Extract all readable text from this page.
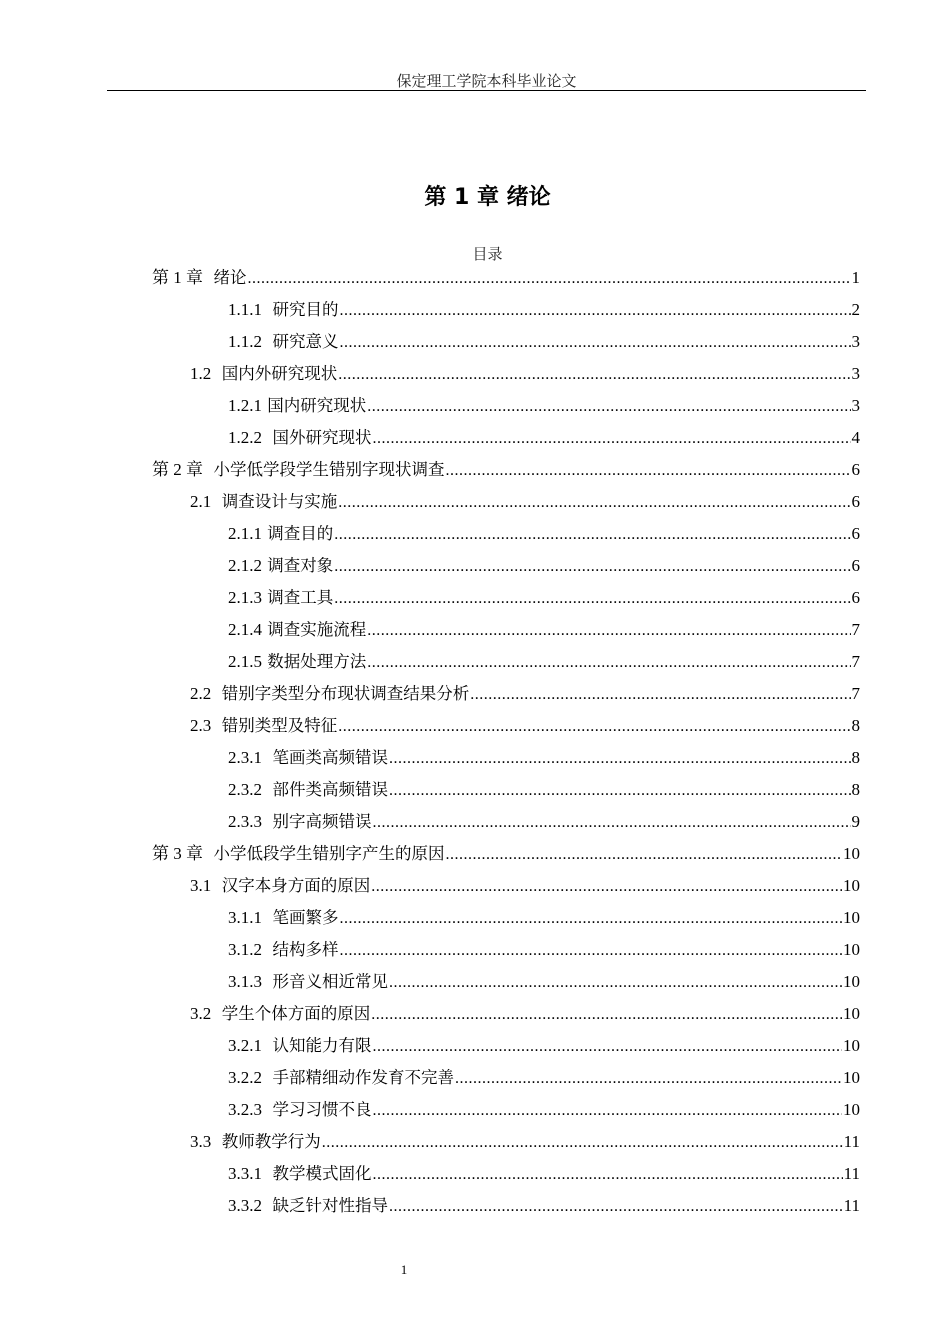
保定理工学院本科毕业论文
第 1 章 绪论
目录
第 1 章  绪论 .....	1
1.1.1  研究目的 .....	2
1.1.2  研究意义 .....	3
1.2  国内外研究现状 .....	3
1.2.1 国内研究现状 .....	3
1.2.2  国外研究现状 .....	4
第 2 章  小学低学段学生错别字现状调查 .....	6
2.1  调查设计与实施 .....	6
2.1.1 调查目的 .....	6
2.1.2 调查对象 .....	6
2.1.3 调查工具 .....	6
2.1.4 调查实施流程 .....	7
2.1.5 数据处理方法 .....	7
2.2  错别字类型分布现状调查结果分析 .....	7
2.3  错别类型及特征 .....	8
2.3.1  笔画类高频错误 .....	8
2.3.2  部件类高频错误 .....	8
2.3.3  别字高频错误 .....	9
第 3 章  小学低段学生错别字产生的原因 .....	10
3.1  汉字本身方面的原因 .....	10
3.1.1  笔画繁多 .....	10
3.1.2  结构多样 .....	10
3.1.3  形音义相近常见 .....	10
3.2  学生个体方面的原因 .....	10
3.2.1  认知能力有限 .....	10
3.2.2  手部精细动作发育不完善 .....	10
3.2.3  学习习惯不良 .....	10
3.3  教师教学行为 .....	11
3.3.1  教学模式固化 .....	11
3.3.2  缺乏针对性指导 .....	11
1
